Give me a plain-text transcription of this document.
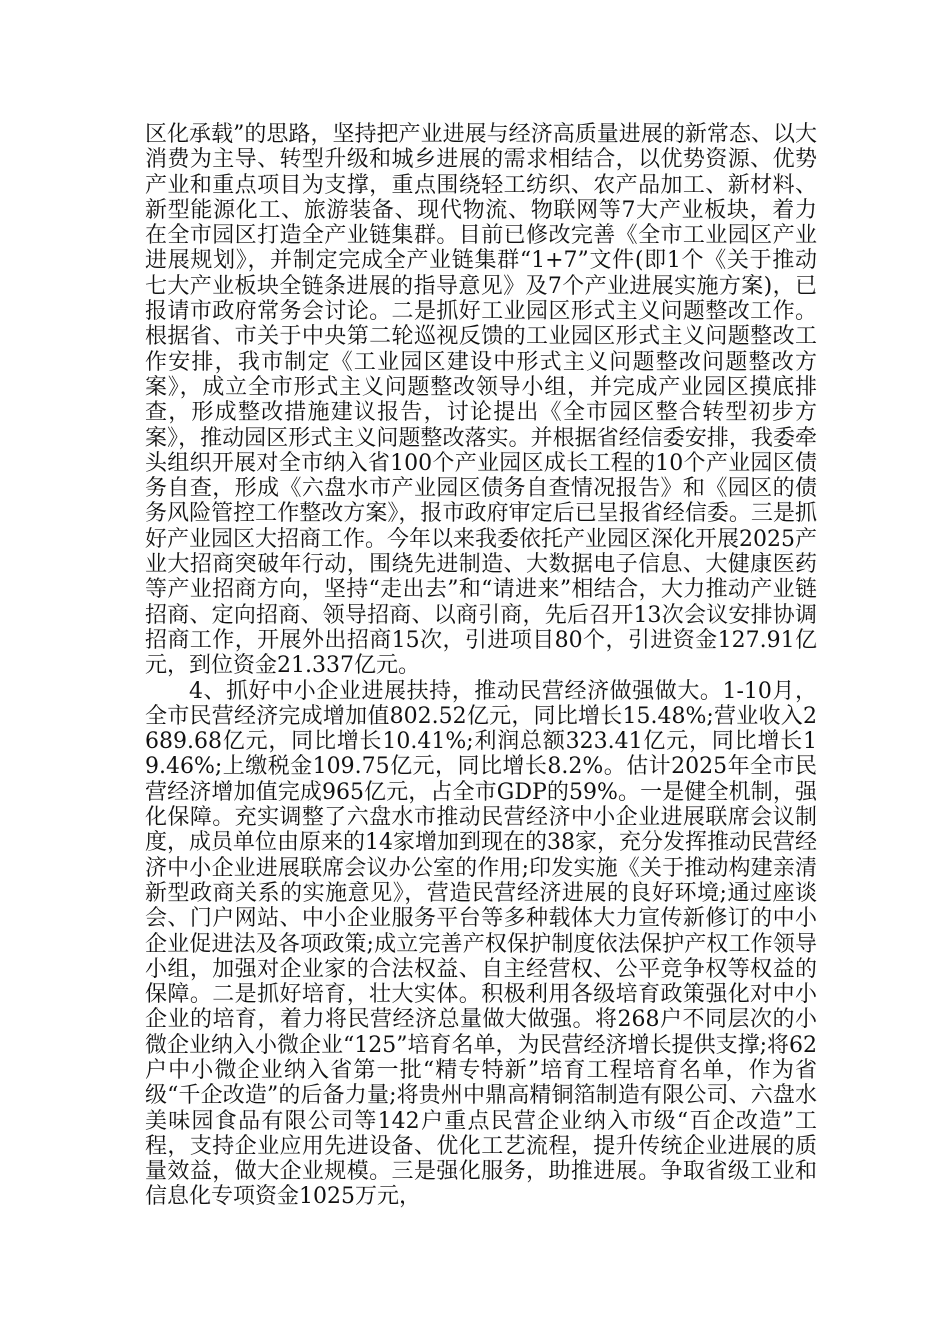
区化承载”的思路，坚持把产业进展与经济高质量进展的新常态、以大消费为主导、转型升级和城乡进展的需求相结合，以优势资源、优势产业和重点项目为支撑，重点围绕轻工纺织、农产品加工、新材料、新型能源化工、旅游装备、现代物流、物联网等7大产业板块，着力在全市园区打造全产业链集群。目前已修改完善《全市工业园区产业进展规划》，并制定完成全产业链集群“1+7”文件(即1个《关于推动七大产业板块全链条进展的指导意见》及7个产业进展实施方案)，已报请市政府常务会讨论。二是抓好工业园区形式主义问题整改工作。根据省、市关于中央第二轮巡视反馈的工业园区形式主义问题整改工作安排，我市制定《工业园区建设中形式主义问题整改问题整改方案》，成立全市形式主义问题整改领导小组，并完成产业园区摸底排查，形成整改措施建议报告，讨论提出《全市园区整合转型初步方案》，推动园区形式主义问题整改落实。并根据省经信委安排，我委牵头组织开展对全市纳入省100个产业园区成长工程的10个产业园区债务自查，形成《六盘水市产业园区债务自查情况报告》和《园区的债务风险管控工作整改方案》，报市政府审定后已呈报省经信委。三是抓好产业园区大招商工作。今年以来我委依托产业园区深化开展2025产业大招商突破年行动，围绕先进制造、大数据电子信息、大健康医药等产业招商方向，坚持“走出去”和“请进来”相结合，大力推动产业链招商、定向招商、领导招商、以商引商，先后召开13次会议安排协调招商工作，开展外出招商15次，引进项目80个，引进资金127.91亿元，到位资金21.337亿元。

4、抓好中小企业进展扶持，推动民营经济做强做大。1-10月，全市民营经济完成增加值802.52亿元，同比增长15.48%;营业收入2689.68亿元，同比增长10.41%;利润总额323.41亿元，同比增长19.46%;上缴税金109.75亿元，同比增长8.2%。估计2025年全市民营经济增加值完成965亿元，占全市GDP的59%。一是健全机制，强化保障。充实调整了六盘水市推动民营经济中小企业进展联席会议制度，成员单位由原来的14家增加到现在的38家，充分发挥推动民营经济中小企业进展联席会议办公室的作用;印发实施《关于推动构建亲清新型政商关系的实施意见》，营造民营经济进展的良好环境;通过座谈会、门户网站、中小企业服务平台等多种载体大力宣传新修订的中小企业促进法及各项政策;成立完善产权保护制度依法保护产权工作领导小组，加强对企业家的合法权益、自主经营权、公平竞争权等权益的保障。二是抓好培育，壮大实体。积极利用各级培育政策强化对中小企业的培育，着力将民营经济总量做大做强。将268户不同层次的小微企业纳入小微企业“125”培育名单，为民营经济增长提供支撑;将62户中小微企业纳入省第一批“精专特新”培育工程培育名单，作为省级“千企改造”的后备力量;将贵州中鼎高精铜箔制造有限公司、六盘水美味园食品有限公司等142户重点民营企业纳入市级“百企改造”工程，支持企业应用先进设备、优化工艺流程，提升传统企业进展的质量效益，做大企业规模。三是强化服务，助推进展。争取省级工业和信息化专项资金1025万元，
